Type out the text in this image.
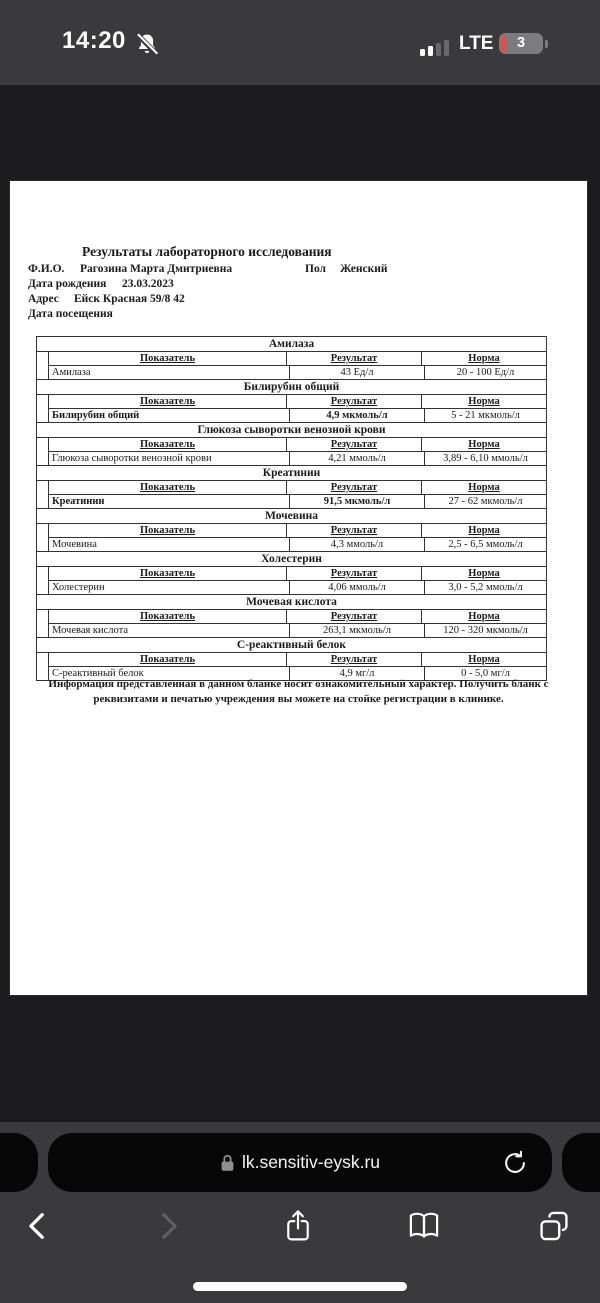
14:20	LTE	3
Результаты лабораторного исследования
Ф.И.О. Рагозина Марта Дмитриевна	Пол Женский
Дата рождения 23.03.2023
Адрес Ейск Красная 59/8 42
Дата посещения
Амилаза
Показатель	Результат	Норма
Амилаза	43 Ед/л	20 - 100 Ед/л
Билирубин общий
Показатель	Результат	Норма
Билирубин общий	4,9 мкмоль/л	5 - 21 мкмоль/л
Глюкоза сыворотки венозной крови
Показатель	Результат	Норма
Глюкоза сыворотки венозной крови	4,21 ммоль/л	3,89 - 6,10 ммоль/л
Креатинин
Показатель	Результат	Норма
Креатинин	91,5 мкмоль/л	27 - 62 мкмоль/л
Мочевина
Показатель	Результат	Норма
Мочевина	4,3 ммоль/л	2,5 - 6,5 ммоль/л
Холестерин
Показатель	Результат	Норма
Холестерин	4,06 ммоль/л	3,0 - 5,2 ммоль/л
Мочевая кислота
Показатель	Результат	Норма
Мочевая кислота	263,1 мкмоль/л	120 - 320 мкмоль/л
С-реактивный белок
Показатель	Результат	Норма
С-реактивный белок	4,9 мг/л	0 - 5,0 мг/л
Информация представленная в данном бланке носит ознакомительный характер. Получить бланк с реквизитами и печатью учреждения вы можете на стойке регистрации в клинике.
lk.sensitiv-eysk.ru
